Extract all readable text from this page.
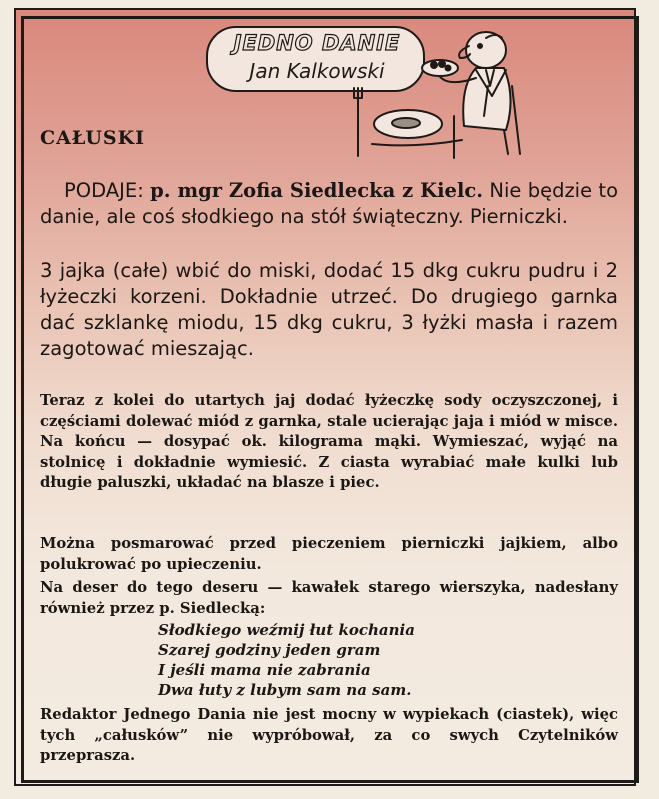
JEDNO DANIE
Jan Kalkowski
CAŁUSKI

PODAJE: p. mgr Zofia Siedlecka z Kielc. Nie będzie to danie, ale coś słodkiego na stół świąteczny. Pierniczki.

3 jajka (całe) wbić do miski, dodać 15 dkg cukru pudru i 2 łyżeczki korzeni. Dokładnie utrzeć. Do drugiego garnka dać szklankę miodu, 15 dkg cukru, 3 łyżki masła i razem zagotować mieszając.

Teraz z kolei do utartych jaj dodać łyżeczkę sody oczyszczonej, i częściami dolewać miód z garnka, stale ucierając jaja i miód w misce. Na końcu — dosypać ok. kilograma mąki. Wymieszać, wyjąć na stolnicę i dokładnie wymiesić. Z ciasta wyrabiać małe kulki lub długie paluszki, układać na blasze i piec.

Można posmarować przed pieczeniem pierniczki jajkiem, albo polukrować po upieczeniu.

Na deser do tego deseru — kawałek starego wierszyka, nadesłany również przez p. Siedlecką:

Słodkiego weźmij łut kochania
Szarej godziny jeden gram
I jeśli mama nie zabrania
Dwa łuty z lubym sam na sam.

Redaktor Jednego Dania nie jest mocny w wypiekach (ciastek), więc tych „całusków” nie wypróbował, za co swych Czytelników przeprasza.
